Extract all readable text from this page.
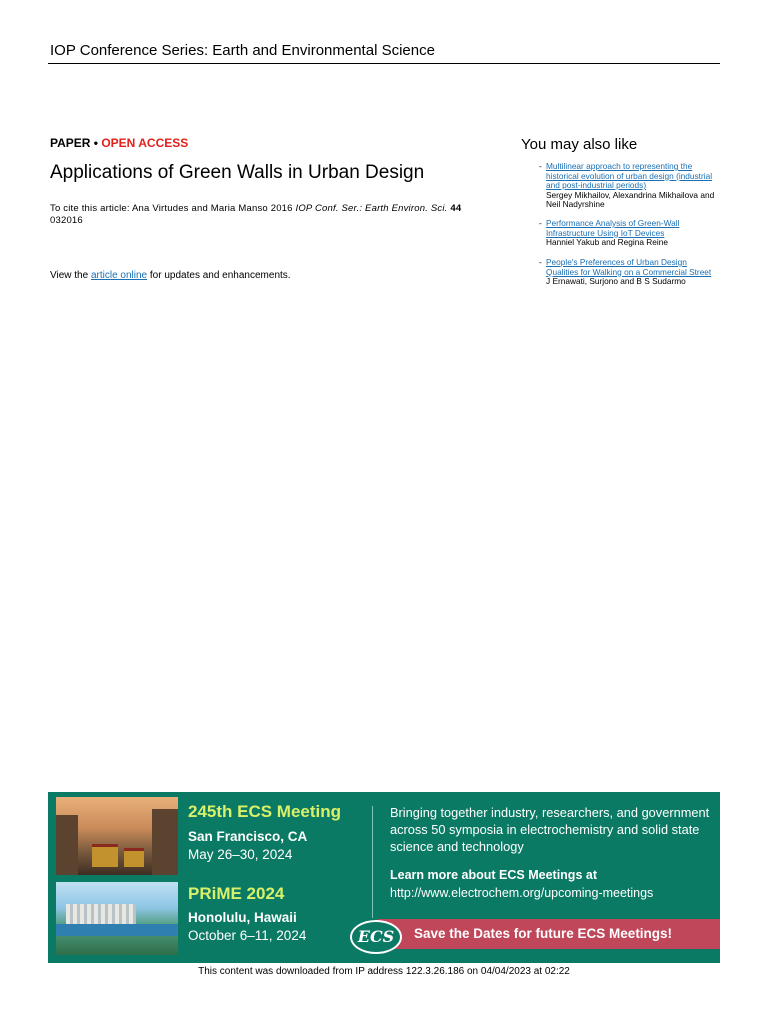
IOP Conference Series: Earth and Environmental Science
PAPER • OPEN ACCESS
Applications of Green Walls in Urban Design
To cite this article: Ana Virtudes and Maria Manso 2016 IOP Conf. Ser.: Earth Environ. Sci. 44
032016
View the article online for updates and enhancements.
You may also like
- Multilinear approach to representing the historical evolution of urban design (industrial and post-industrial periods)
Sergey Mikhailov, Alexandrina Mikhailova and Neil Nadyrshine
- Performance Analysis of Green-Wall Infrastructure Using IoT Devices
Hanniel Yakub and Regina Reine
- People's Preferences of Urban Design Qualities for Walking on a Commercial Street
J Ernawati, Surjono and B S Sudarmo
245th ECS Meeting
San Francisco, CA
May 26–30, 2024
PRiME 2024
Honolulu, Hawaii
October 6–11, 2024
Bringing together industry, researchers, and government across 50 symposia in electrochemistry and solid state science and technology
Learn more about ECS Meetings at
http://www.electrochem.org/upcoming-meetings
Save the Dates for future ECS Meetings!
ECS
This content was downloaded from IP address 122.3.26.186 on 04/04/2023 at 02:22
